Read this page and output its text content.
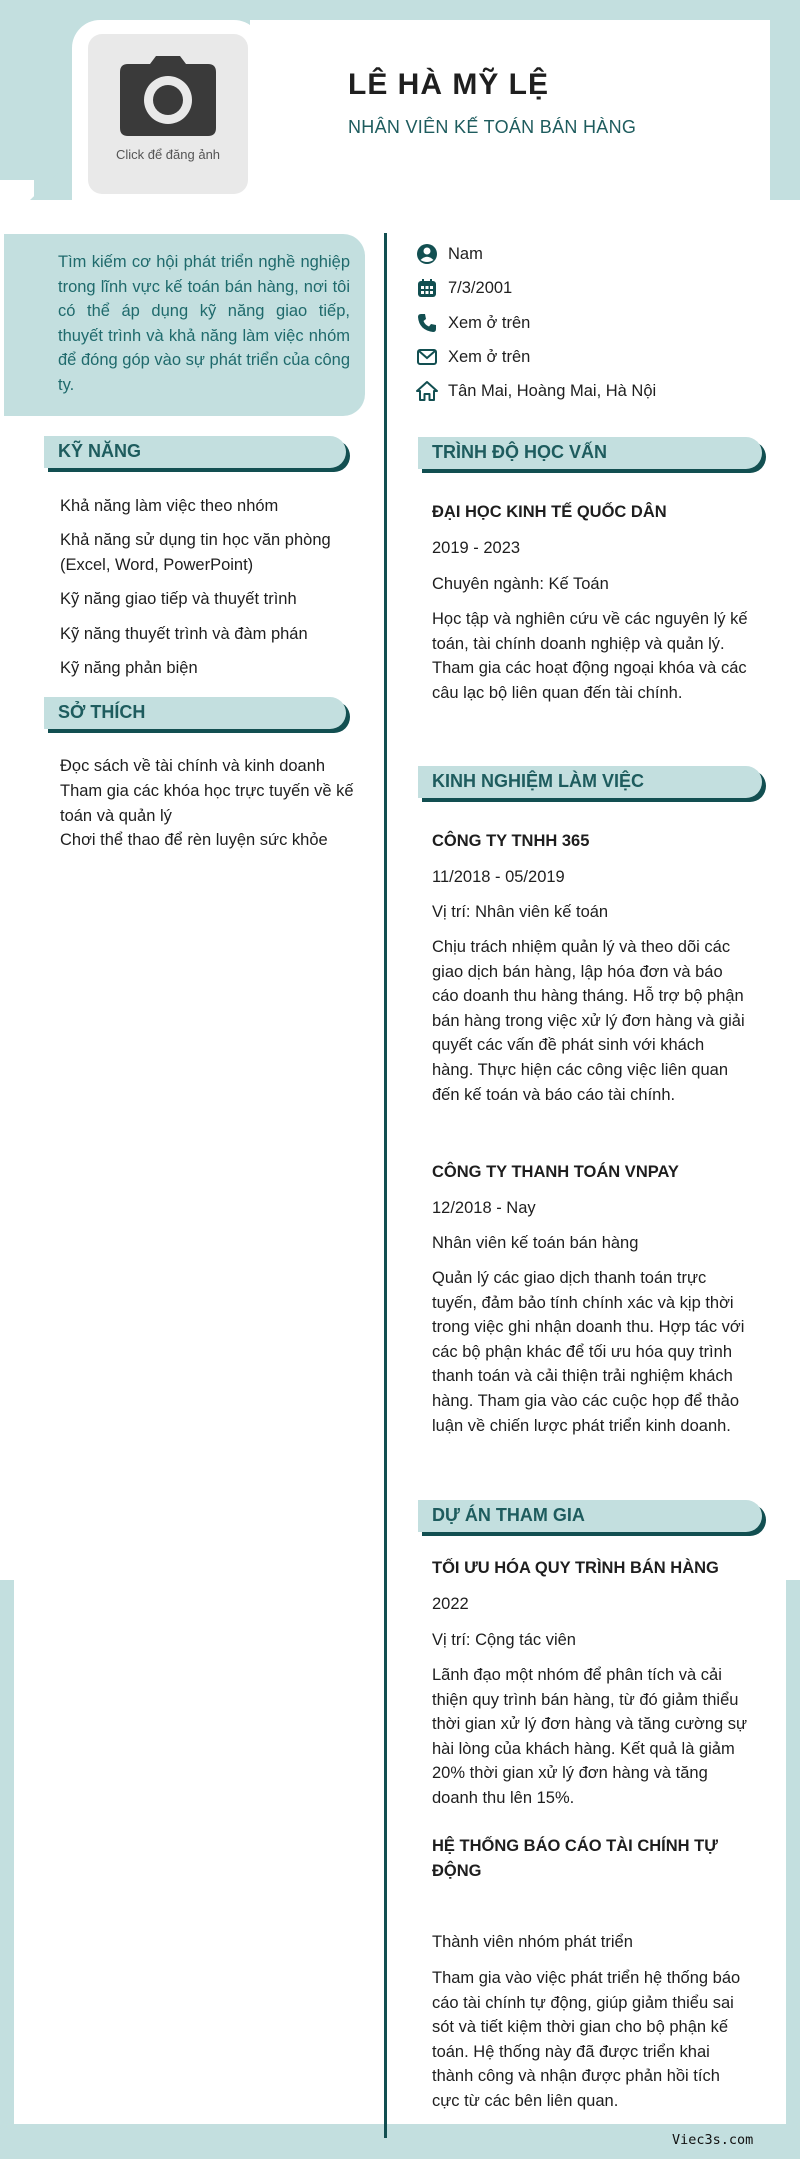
Click để đăng ảnh
LÊ HÀ MỸ LỆ
NHÂN VIÊN KẾ TOÁN BÁN HÀNG

Tìm kiếm cơ hội phát triển nghề nghiệp trong lĩnh vực kế toán bán hàng, nơi tôi có thể áp dụng kỹ năng giao tiếp, thuyết trình và khả năng làm việc nhóm để đóng góp vào sự phát triển của công ty.

KỸ NĂNG
Khả năng làm việc theo nhóm
Khả năng sử dụng tin học văn phòng (Excel, Word, PowerPoint)
Kỹ năng giao tiếp và thuyết trình
Kỹ năng thuyết trình và đàm phán
Kỹ năng phản biện
SỞ THÍCH
Đọc sách về tài chính và kinh doanh
Tham gia các khóa học trực tuyến về kế toán và quản lý
Chơi thể thao để rèn luyện sức khỏe
Nam
7/3/2001
Xem ở trên
Xem ở trên
Tân Mai, Hoàng Mai, Hà Nội
TRÌNH ĐỘ HỌC VẤN
ĐẠI HỌC KINH TẾ QUỐC DÂN
2019 - 2023
Chuyên ngành: Kế Toán
Học tập và nghiên cứu về các nguyên lý kế toán, tài chính doanh nghiệp và quản lý. Tham gia các hoạt động ngoại khóa và các câu lạc bộ liên quan đến tài chính.
KINH NGHIỆM LÀM VIỆC
CÔNG TY TNHH 365
11/2018 - 05/2019
Vị trí: Nhân viên kế toán
Chịu trách nhiệm quản lý và theo dõi các giao dịch bán hàng, lập hóa đơn và báo cáo doanh thu hàng tháng. Hỗ trợ bộ phận bán hàng trong việc xử lý đơn hàng và giải quyết các vấn đề phát sinh với khách hàng. Thực hiện các công việc liên quan đến kế toán và báo cáo tài chính.
CÔNG TY THANH TOÁN VNPAY
12/2018 - Nay
Nhân viên kế toán bán hàng
Quản lý các giao dịch thanh toán trực tuyến, đảm bảo tính chính xác và kịp thời trong việc ghi nhận doanh thu. Hợp tác với các bộ phận khác để tối ưu hóa quy trình thanh toán và cải thiện trải nghiệm khách hàng. Tham gia vào các cuộc họp để thảo luận về chiến lược phát triển kinh doanh.
DỰ ÁN THAM GIA
TỐI ƯU HÓA QUY TRÌNH BÁN HÀNG
2022
Vị trí: Cộng tác viên
Lãnh đạo một nhóm để phân tích và cải thiện quy trình bán hàng, từ đó giảm thiểu thời gian xử lý đơn hàng và tăng cường sự hài lòng của khách hàng. Kết quả là giảm 20% thời gian xử lý đơn hàng và tăng doanh thu lên 15%.
HỆ THỐNG BÁO CÁO TÀI CHÍNH TỰ ĐỘNG
Thành viên nhóm phát triển
Tham gia vào việc phát triển hệ thống báo cáo tài chính tự động, giúp giảm thiểu sai sót và tiết kiệm thời gian cho bộ phận kế toán. Hệ thống này đã được triển khai thành công và nhận được phản hồi tích cực từ các bên liên quan.
Viec3s.com
